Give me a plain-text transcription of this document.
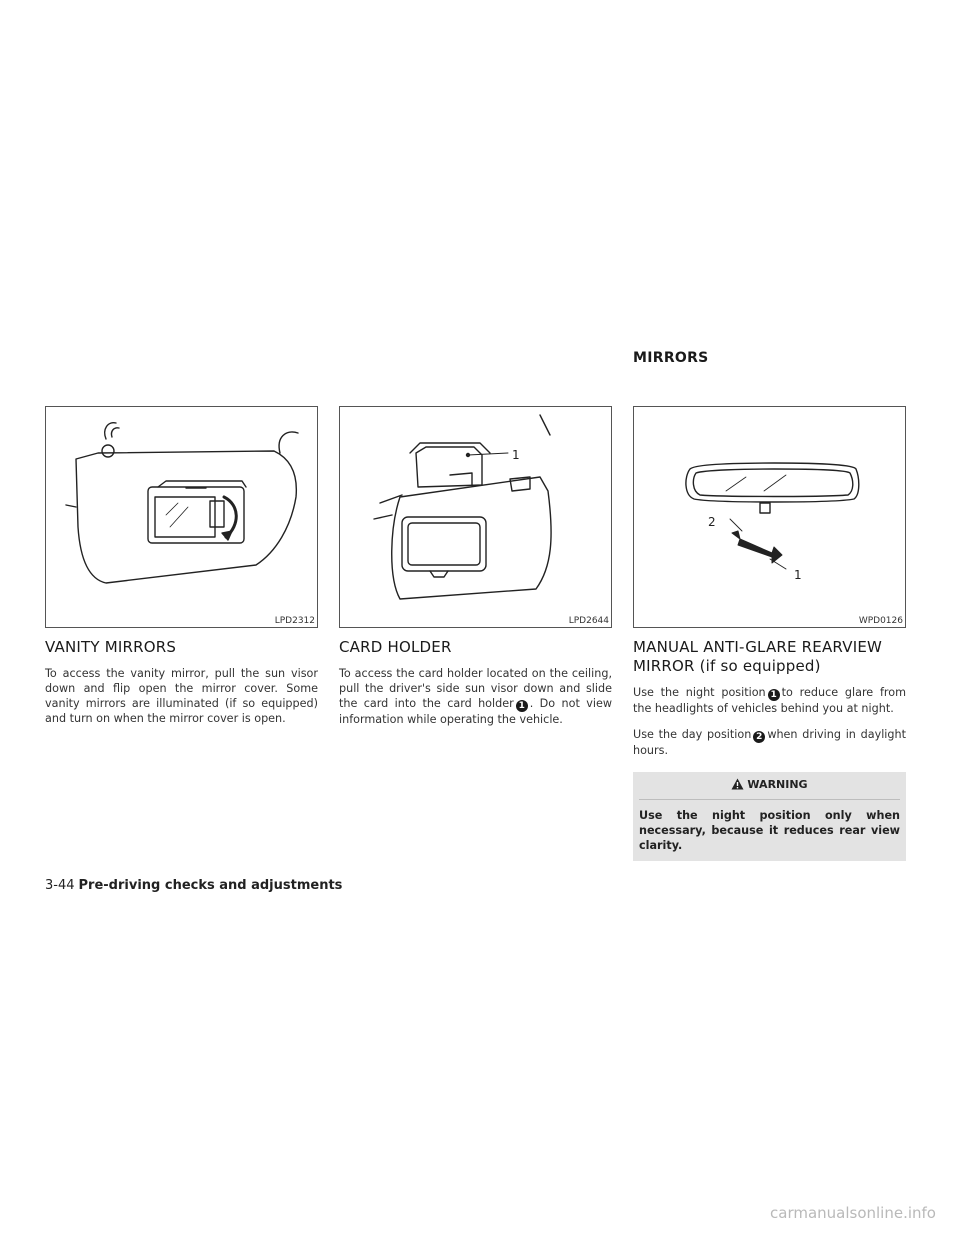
MIRRORS
LPD2312
VANITY MIRRORS

To access the vanity mirror, pull the sun visor down and flip open the mirror cover. Some vanity mirrors are illuminated (if so equipped) and turn on when the mirror cover is open.

1
LPD2644
CARD HOLDER

To access the card holder located on the ceiling, pull the driver's side sun visor down and slide the card into the card holder 1 . Do not view information while operating the vehicle.

2
1
WPD0126
MANUAL ANTI-GLARE REARVIEW
MIRROR (if so equipped)

Use the night position 1 to reduce glare from the headlights of vehicles behind you at night.

Use the day position 2 when driving in daylight hours.

WARNING
Use the night position only when necessary, because it reduces rear view clarity.
3-44 Pre-driving checks and adjustments
carmanualsonline.info
